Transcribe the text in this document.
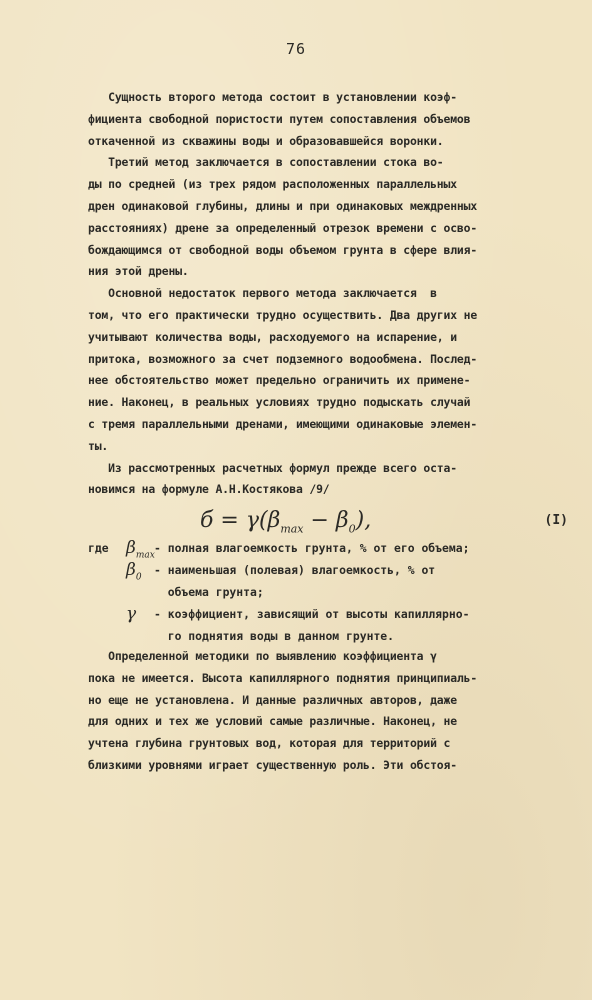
76
Сущность второго метода состоит в установлении коэф-
фициента свободной пористости путем сопоставления объемов
откаченной из скважины воды и образовавшейся воронки.
Третий метод заключается в сопоставлении стока во-
ды по средней (из трех рядом расположенных параллельных
дрен одинаковой глубины, длины и при одинаковых междренных
расстояниях) дрене за определенный отрезок времени с осво-
бождающимся от свободной воды объемом грунта в сфере влия-
ния этой дрены.
Основной недостаток первого метода заключается  в
том, что его практически трудно осуществить. Два других не
учитывают количества воды, расходуемого на испарение, и
притока, возможного за счет подземного водообмена. Послед-
нее обстоятельство может предельно ограничить их примене-
ние. Наконец, в реальных условиях трудно подыскать случай
с тремя параллельными дренами, имеющими одинаковые элемен-
ты.
Из рассмотренных расчетных формул прежде всего оста-
новимся на формуле А.Н.Костякова /9/
$б = \gamma(\beta_{max} - \beta_0)$,	(I)
где $\beta_{max}$
- полная влагоемкость грунта, % от его объема;
$\beta_0$
- наименьшая (полевая) влагоемкость, % от
объема грунта;
γ - коэффициент, зависящий от высоты капиллярно-
го поднятия воды в данном грунте.
Определенной методики по выявлению коэффициента γ
пока не имеется. Высота капиллярного поднятия принципиаль-
но еще не установлена. И данные различных авторов, даже
для одних и тех же условий самые различные. Наконец, не
учтена глубина грунтовых вод, которая для территорий с
близкими уровнями играет существенную роль. Эти обстоя-
